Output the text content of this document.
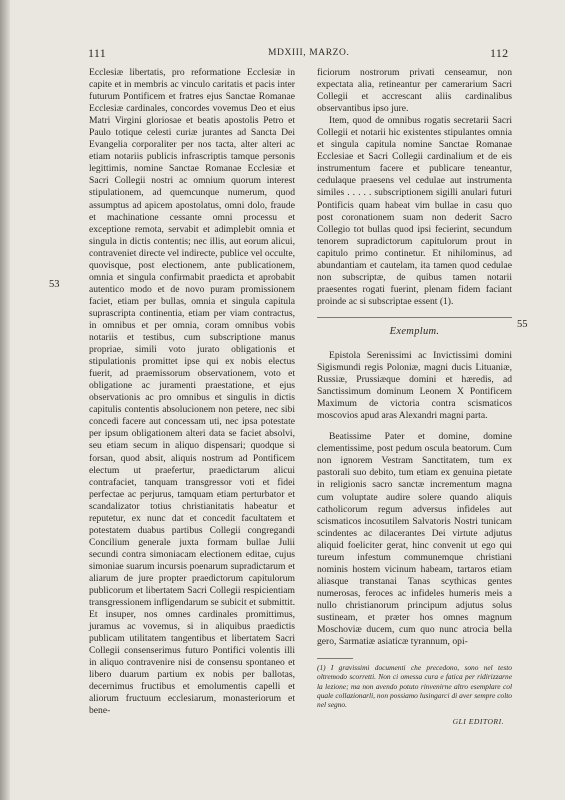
111	MDXIII, MARZO.	112
53
55

Ecclesiæ libertatis, pro reformatione Ecclesiæ in capite et in membris ac vinculo caritatis et pacis inter futurum Pontificem et fratres ejus Sanctae Romanae Ecclesiæ cardinales, concordes vovemus Deo et eius Matri Virgini gloriosae et beatis apostolis Petro et Paulo totique celesti curiæ jurantes ad Sancta Dei Evangelia corporaliter per nos tacta, alter alteri ac etiam notariis publicis infrascriptis tamque personis legittimis, nomine Sanctae Romanae Ecclesiæ et Sacri Collegii nostri ac omnium quorum interest stipulationem, ad quemcunque numerum, quod assumptus ad apicem apostolatus, omni dolo, fraude et machinatione cessante omni processu et exceptione remota, servabit et adimplebit omnia et singula in dictis contentis; nec illis, aut eorum alicui, contraveniet directe vel indirecte, publice vel occulte, quovisque, post electionem, ante publicationem, omnia et singula confirmabit praedicta et aprobabit autentico modo et de novo puram promissionem faciet, etiam per bullas, omnia et singula capitula suprascripta continentia, etiam per viam contractus, in omnibus et per omnia, coram omnibus vobis notariis et testibus, cum subscriptione manus propriae, simili voto jurato obligationis et stipulationis promittet ipse qui ex nobis electus fuerit, ad praemissorum observationem, voto et obligatione ac juramenti praestatione, et ejus observationis ac pro omnibus et singulis in dictis capitulis contentis absolucionem non petere, nec sibi concedi facere aut concessam uti, nec ipsa potestate per ipsum obligationem alteri data se faciet absolvi, seu etiam secum in aliquo dispensari; quodque si forsan, quod absit, aliquis nostrum ad Pontificem electum ut praefertur, praedictarum alicui contrafaciet, tanquam transgressor voti et fidei perfectae ac perjurus, tamquam etiam perturbator et scandalizator totius christianitatis habeatur et reputetur, ex nunc dat et concedit facultatem et potestatem duabus partibus Collegii congregandi Concilium generale juxta formam bullae Julii secundi contra simoniacam electionem editae, cujus simoniae suarum incursis poenarum supradictarum et aliarum de jure propter praedictorum capitulorum publicorum et libertatem Sacri Collegii respicientiam transgressionem infligendarum se subicit et submittit. Et insuper, nos omnes cardinales promittimus, juramus ac vovemus, si in aliquibus praedictis publicam utilitatem tangentibus et libertatem Sacri Collegii consenserimus futuro Pontifici volentis illi in aliquo contravenire nisi de consensu spontaneo et libero duarum partium ex nobis per ballotas, decernimus fructibus et emolumentis capelli et aliorum fructuum ecclesiarum, monasteriorum et bene-

ficiorum nostrorum privati censeamur, non expectata alia, retineantur per camerarium Sacri Collegii et accrescant aliis cardinalibus observantibus ipso jure.

Item, quod de omnibus rogatis secretarii Sacri Collegii et notarii hic existentes stipulantes omnia et singula capitula nomine Sanctae Romanae Ecclesiae et Sacri Collegii cardinalium et de eis instrumentum facere et publicare teneantur, cedulaque praesens vel cedulae aut instrumenta similes . . . . . subscriptionem sigilli anulari futuri Pontificis quam habeat vim bullae in casu quo post coronationem suam non dederit Sacro Collegio tot bullas quod ipsi fecierint, secundum tenorem supradictorum capitulorum prout in capitulo primo continetur. Et nihilominus, ad abundantiam et cautelam, ita tamen quod cedulae non subscriptæ, de quibus tamen notarii praesentes rogati fuerint, plenam fidem faciant proinde ac si subscriptae essent (1).

Exemplum.

Epistola Serenissimi ac Invictissimi domini Sigismundi regis Poloniæ, magni ducis Lituaniæ, Russiæ, Prussiæque domini et hæredis, ad Sanctissimum dominum Leonem X Pontificem Maximum de victoria contra scismaticos moscovios apud aras Alexandri magni parta.

Beatissime Pater et domine, domine clementissime, post pedum oscula beatorum. Cum non ignorem Vestram Sanctitatem, tum ex pastorali suo debito, tum etiam ex genuina pietate in religionis sacro sanctæ incrementum magna cum voluptate audire solere quando aliquis catholicorum regum adversus infideles aut scismaticos incosutilem Salvatoris Nostri tunicam scindentes ac dilacerantes Dei virtute adjutus aliquid foeliciter gerat, hinc convenit ut ego qui tureum infestum communemque christiani nominis hostem vicinum habeam, tartaros etiam aliasque transtanai Tanas scythicas gentes numerosas, feroces ac infideles humeris meis a nullo christianorum principum adjutus solus sustineam, et præter hos omnes magnum Moschoviæ ducem, cum quo nunc atrocia bella gero, Sarmatiæ asiaticæ tyrannum, opi-

(1) I gravissimi documenti che precedono, sono nel testo oltremodo scorretti. Non ci omessa cura e fatica per ridirizzarne la lezione; ma non avendo potuto rinvenirne altro esemplare col quale collazionarli, non possiamo lusingarci di aver sempre colto nel segno.

GLI EDITORI.
